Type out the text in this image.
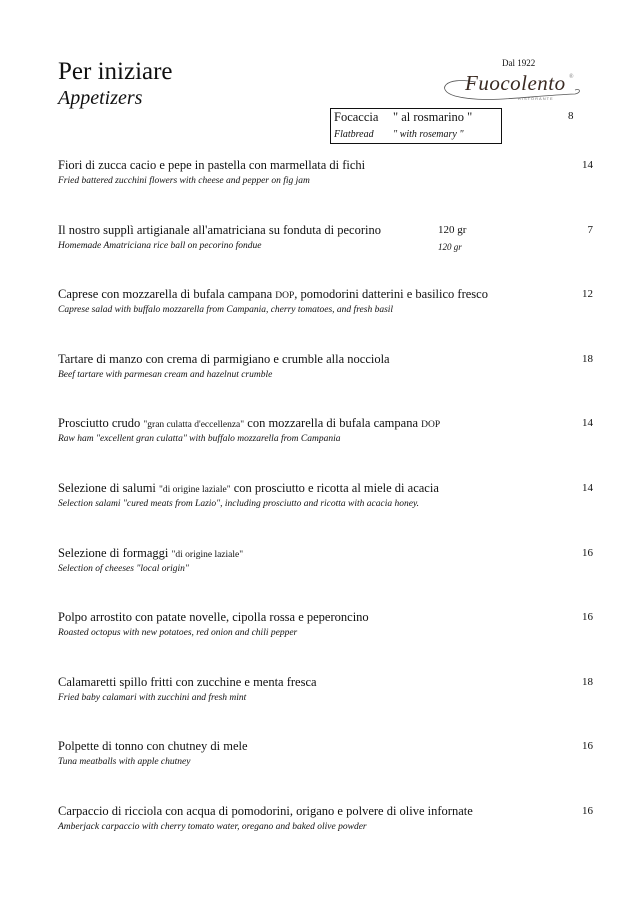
Per iniziare
Appetizers
Dal 1922
Fuocolento
RISTORANTE
®
Focaccia " al rosmarino "
Flatbread " with rosemary "
8
Fiori di zucca cacio e pepe in pastella con marmellata di fichi
Fried battered zucchini flowers with cheese and pepper on fig jam
14
Il nostro supplì artigianale all'amatriciana su fonduta di pecorino
Homemade Amatriciana rice ball on pecorino fondue
7
120 gr
120 gr
Caprese con mozzarella di bufala campana DOP, pomodorini datterini e basilico fresco
Caprese salad with buffalo mozzarella from Campania, cherry tomatoes, and fresh basil
12
Tartare di manzo con crema di parmigiano e crumble alla nocciola
Beef tartare with parmesan cream and hazelnut crumble
18
Prosciutto crudo "gran culatta d'eccellenza" con mozzarella di bufala campana DOP
Raw ham "excellent gran culatta" with buffalo mozzarella from Campania
14
Selezione di salumi "di origine laziale" con prosciutto e ricotta al miele di acacia
Selection salami "cured meats from Lazio", including prosciutto and ricotta with acacia honey.
14
Selezione di formaggi "di origine laziale"
Selection of cheeses "local origin"
16
Polpo arrostito con patate novelle, cipolla rossa e peperoncino
Roasted octopus with new potatoes, red onion and chili pepper
16
Calamaretti spillo fritti con zucchine e menta fresca
Fried baby calamari with zucchini and fresh mint
18
Polpette di tonno con chutney di mele
Tuna meatballs with apple chutney
16
Carpaccio di ricciola con acqua di pomodorini, origano e polvere di olive infornate
Amberjack carpaccio with cherry tomato water, oregano and baked olive powder
16
